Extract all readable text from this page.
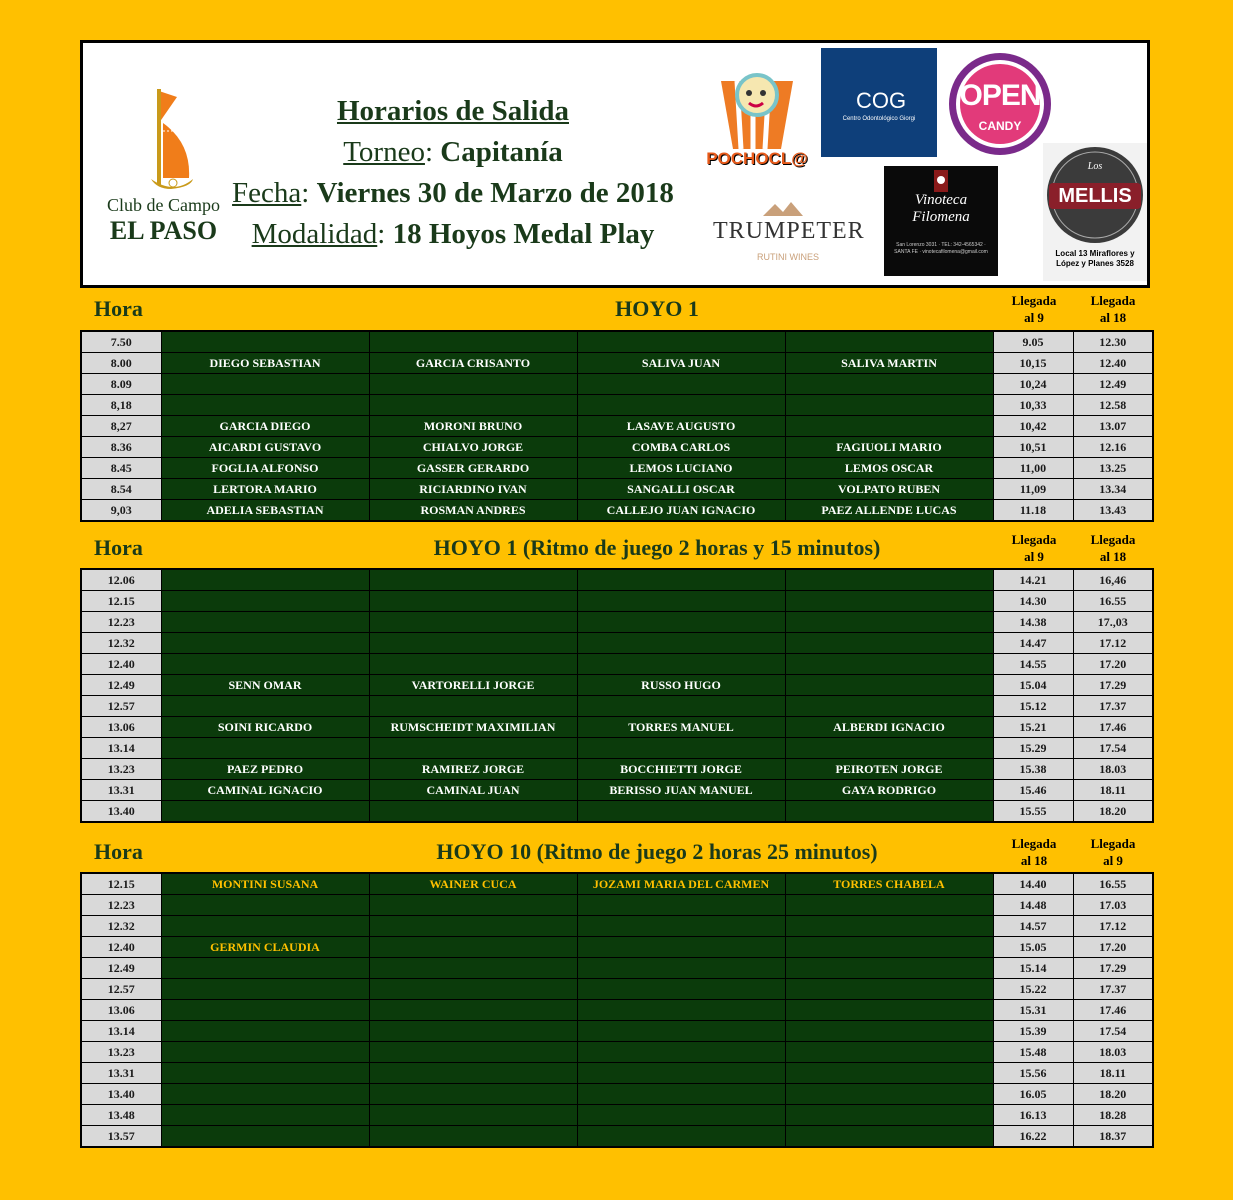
Club de Campo
EL PASO
Horarios de Salida
Torneo: Capitanía
Fecha: Viernes 30 de Marzo de 2018
Modalidad: 18 Hoyos Medal Play
POCHOCL@
COG
Centro Odontológico Giorgi
OPEN
CANDY
TRUMPETER
RUTINI WINES
Vinoteca Filomena
San Lorenzo 3031 · TEL: 342-4565342 · SANTA FE · vinotecafilomena@gmail.com
Los
MELLIS
Local 13 Miraflores y López y Planes 3528
Hora	HOYO 1	Llegada
al 9
Llegada
al 18
7.50					9.05	12.30
8.00	DIEGO SEBASTIAN	GARCIA CRISANTO	SALIVA JUAN	SALIVA MARTIN	10,15	12.40
8.09					10,24	12.49
8,18					10,33	12.58
8,27	GARCIA DIEGO	MORONI BRUNO	LASAVE AUGUSTO		10,42	13.07
8.36	AICARDI GUSTAVO	CHIALVO JORGE	COMBA CARLOS	FAGIUOLI MARIO	10,51	12.16
8.45	FOGLIA ALFONSO	GASSER GERARDO	LEMOS LUCIANO	LEMOS OSCAR	11,00	13.25
8.54	LERTORA MARIO	RICIARDINO IVAN	SANGALLI OSCAR	VOLPATO RUBEN	11,09	13.34
9,03	ADELIA SEBASTIAN	ROSMAN ANDRES	CALLEJO JUAN IGNACIO	PAEZ ALLENDE LUCAS	11.18	13.43
Hora	HOYO 1 (Ritmo de juego 2 horas y 15 minutos)	Llegada
al 9
Llegada
al 18
12.06					14.21	16,46
12.15					14.30	16.55
12.23					14.38	17.,03
12.32					14.47	17.12
12.40					14.55	17.20
12.49	SENN OMAR	VARTORELLI JORGE	RUSSO HUGO		15.04	17.29
12.57					15.12	17.37
13.06	SOINI RICARDO	RUMSCHEIDT MAXIMILIAN	TORRES MANUEL	ALBERDI IGNACIO	15.21	17.46
13.14					15.29	17.54
13.23	PAEZ PEDRO	RAMIREZ JORGE	BOCCHIETTI JORGE	PEIROTEN JORGE	15.38	18.03
13.31	CAMINAL IGNACIO	CAMINAL JUAN	BERISSO JUAN MANUEL	GAYA RODRIGO	15.46	18.11
13.40					15.55	18.20
Hora	HOYO 10 (Ritmo de juego 2 horas 25 minutos)	Llegada
al 18
Llegada
al 9
12.15	MONTINI SUSANA	WAINER CUCA	JOZAMI MARIA DEL CARMEN	TORRES CHABELA	14.40	16.55
12.23					14.48	17.03
12.32					14.57	17.12
12.40	GERMIN CLAUDIA				15.05	17.20
12.49					15.14	17.29
12.57					15.22	17.37
13.06					15.31	17.46
13.14					15.39	17.54
13.23					15.48	18.03
13.31					15.56	18.11
13.40					16.05	18.20
13.48					16.13	18.28
13.57					16.22	18.37
